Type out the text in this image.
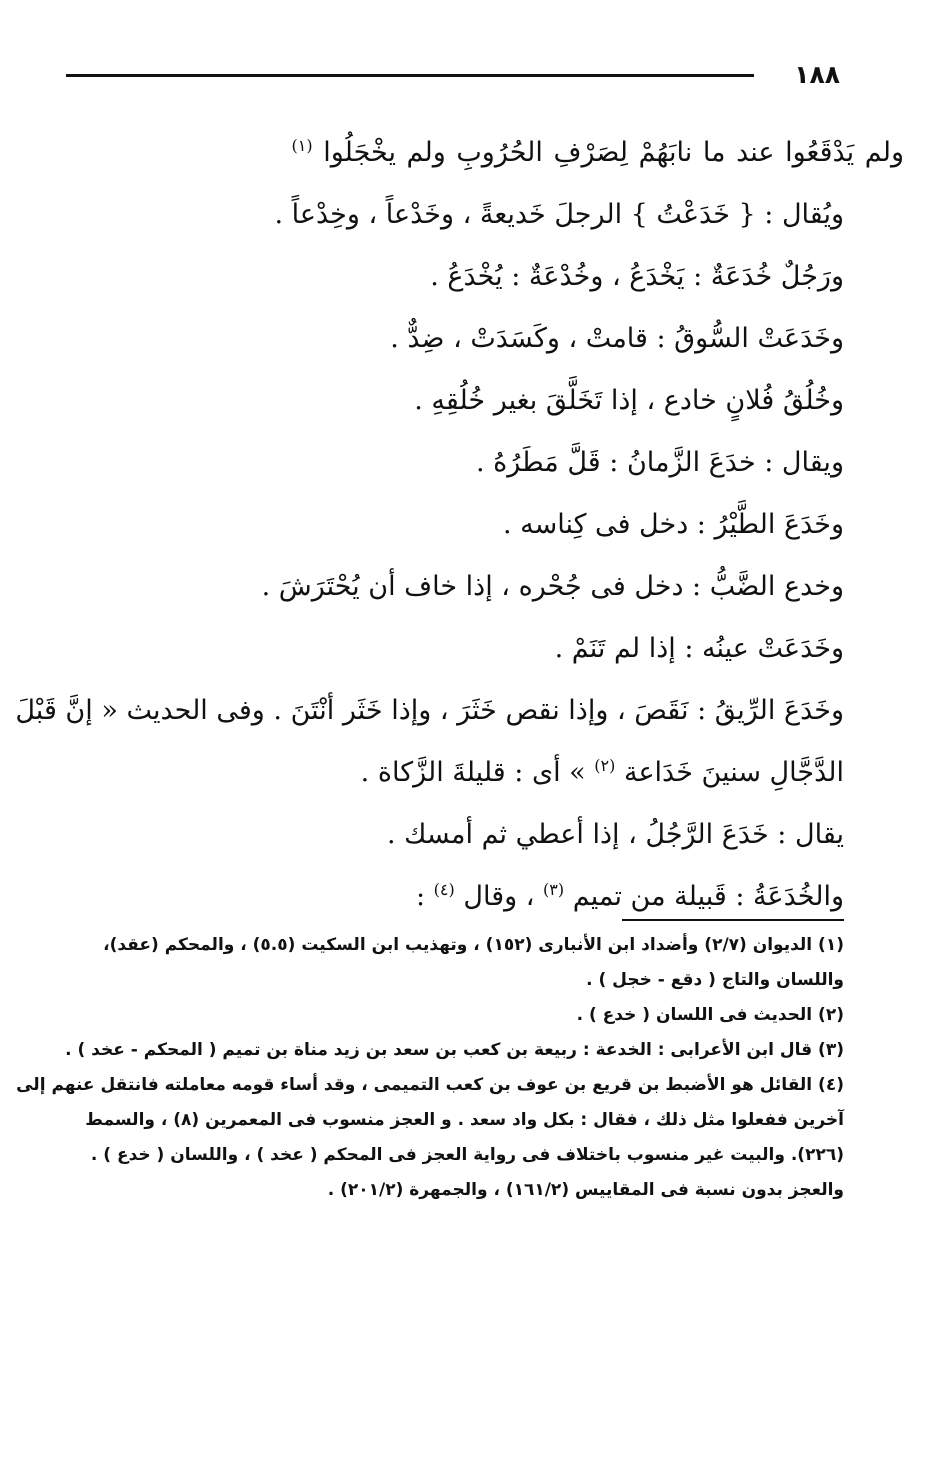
١٨٨
ولم يَدْقَعُوا عند ما نابَهُمْ لِصَرْفِ الحُرُوبِ ولم يخْجَلُوا $^{(١)}$
ويُقال : { خَدَعْتُ } الرجلَ خَديعةً ، وخَدْعاً ، وخِدْعاً .
ورَجُلٌ خُدَعَةٌ : يَخْدَعُ ، وخُدْعَةٌ : يُخْدَعُ .
وخَدَعَتْ السُّوقُ : قامتْ ، وكَسَدَتْ ، ضِدٌّ .
وخُلُقُ فُلانٍ خادع ، إذا تَخَلَّقَ بغير خُلُقِهِ .
ويقال : خدَعَ الزَّمانُ : قَلَّ مَطَرُهُ .
وخَدَعَ الطَّيْرُ : دخل فى كِناسه .
وخدع الضَّبُّ : دخل فى جُحْره ، إذا خاف أن يُحْتَرَشَ .
وخَدَعَتْ عينُه : إذا لم تَنَمْ .
وخَدَعَ الرِّيقُ : نَقَصَ ، وإذا نقص خَثَرَ ، وإذا خَثَر أنْتَنَ . وفى الحديث « إنَّ قَبْلَ
الدَّجَّالِ سنينَ خَدَاعة $^{(٢)}$ » أى : قليلةَ الزَّكاة .
يقال : خَدَعَ الرَّجُلُ ، إذا أعطي ثم أمسك .
والخُدَعَةُ : قَبيلة من تميم $^{(٣)}$ ، وقال $^{(٤)}$ :
(١) الديوان (٢/٧) وأضداد ابن الأنبارى (١٥٢) ، وتهذيب ابن السكيت (٥.٥) ، والمحكم (عقد)،
واللسان والتاج ( دقع - خجل ) .
(٢) الحديث فى اللسان ( خدع ) .
(٣) قال ابن الأعرابى : الخدعة : ربيعة بن كعب بن سعد بن زيد مناة بن تميم ( المحكم - عخد ) .
(٤) القائل هو الأضبط بن قريع بن عوف بن كعب التميمى ، وقد أساء قومه معاملته فانتقل عنهم إلى
آخرين ففعلوا مثل ذلك ، فقال : بكل واد سعد . و العجز منسوب فى المعمرين (٨) ، والسمط
(٢٢٦). والبيت غير منسوب باختلاف فى رواية العجز فى المحكم ( عخد ) ، واللسان ( خدع ) .
والعجز بدون نسبة فى المقاييس (١٦١/٢) ، والجمهرة (٢٠١/٢) .
